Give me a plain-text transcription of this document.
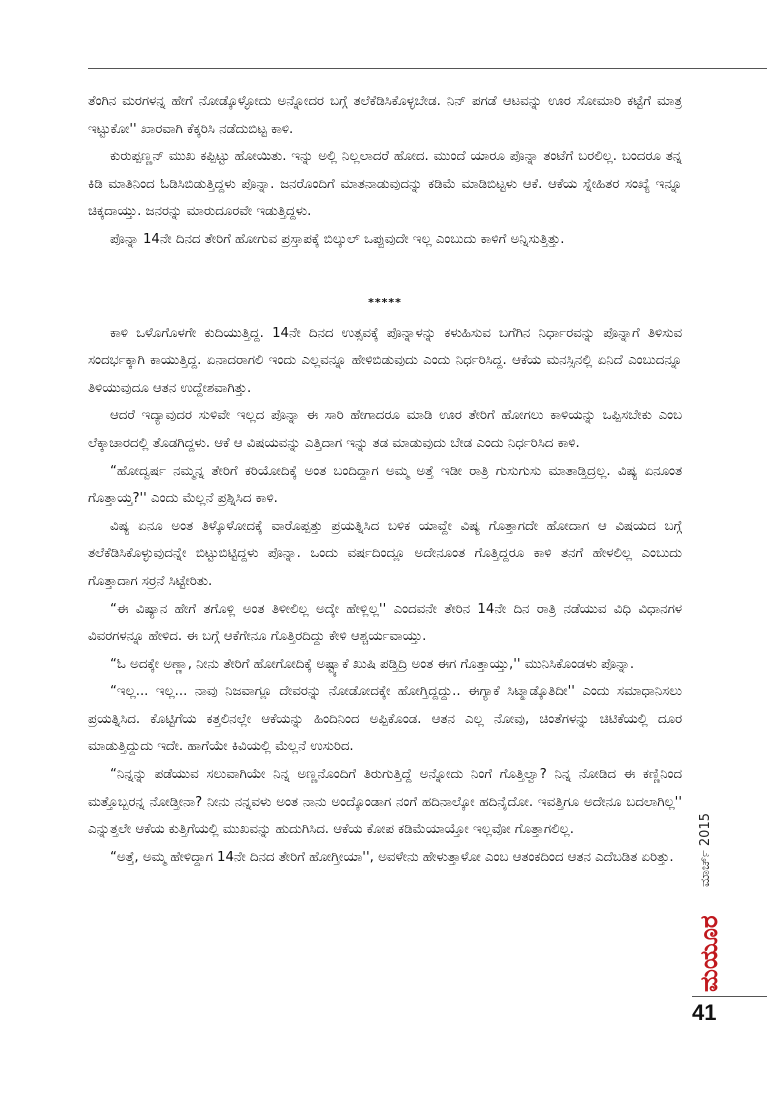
ತೆಂಗಿನ ಮರಗಳನ್ನ ಹೇಗೆ ನೋಡ್ಕೊಳ್ಳೋದು ಅನ್ನೋದರ ಬಗ್ಗೆ ತಲೆಕೆಡಿಸಿಕೊಳ್ಳಬೇಡ. ನಿನ್ ಪಗಡೆ ಆಟವನ್ನು ಊರ ಸೋಮಾರಿ ಕಟ್ಟೆಗೆ ಮಾತ್ರ ಇಟ್ಟುಕೋ'' ಖಾರವಾಗಿ ಕೆಕ್ಕರಿಸಿ ನಡೆದುಬಿಟ್ಟ ಕಾಳಿ.

ಕುರುಪ್ಪಣ್ಣನ್ ಮುಖ ಕಪ್ಪಿಟ್ಟು ಹೋಯಿತು. ಇನ್ನು ಅಲ್ಲಿ ನಿಲ್ಲಲಾದರೆ ಹೋದ. ಮುಂದೆ ಯಾರೂ ಪೊನ್ನಾ ತಂಟೆಗೆ ಬರಲಿಲ್ಲ. ಬಂದರೂ ತನ್ನ ಕಿಡಿ ಮಾತಿನಿಂದ ಓಡಿಸಿಬಿಡುತ್ತಿದ್ದಳು ಪೊನ್ನಾ. ಜನರೊಂದಿಗೆ ಮಾತನಾಡುವುದನ್ನು ಕಡಿಮೆ ಮಾಡಿಬಿಟ್ಟಳು ಆಕೆ. ಆಕೆಯ ಸ್ನೇಹಿತರ ಸಂಖ್ಯೆ ಇನ್ನೂ ಚಿಕ್ಕದಾಯ್ತು. ಜನರನ್ನು ಮಾರುದೂರವೇ ಇಡುತ್ತಿದ್ದಳು.

ಪೊನ್ನಾ 14ನೇ ದಿನದ ತೇರಿಗೆ ಹೋಗುವ ಪ್ರಸ್ತಾಪಕ್ಕೆ ಬಿಲ್ಕುಲ್ ಒಪ್ಪುವುದೇ ಇಲ್ಲ ಎಂಬುದು ಕಾಳಿಗೆ ಅನ್ನಿಸುತ್ತಿತ್ತು.

*****

ಕಾಳಿ ಒಳೊಗೊಳಗೇ ಕುದಿಯುತ್ತಿದ್ದ. 14ನೇ ದಿನದ ಉತ್ಸವಕ್ಕೆ ಪೊನ್ನಾಳನ್ನು ಕಳುಹಿಸುವ ಬಗೆಗಿನ ನಿರ್ಧಾರವನ್ನು ಪೊನ್ನಾಗೆ ತಿಳಿಸುವ ಸಂದರ್ಭಕ್ಕಾಗಿ ಕಾಯುತ್ತಿದ್ದ. ಏನಾದರಾಗಲಿ ಇಂದು ಎಲ್ಲವನ್ನೂ ಹೇಳಿಬಿಡುವುದು ಎಂದು ನಿರ್ಧರಿಸಿದ್ದ. ಆಕೆಯ ಮನಸ್ಸಿನಲ್ಲಿ ಏನಿದೆ ಎಂಬುದನ್ನೂ ತಿಳಿಯುವುದೂ ಆತನ ಉದ್ದೇಶವಾಗಿತ್ತು.

ಆದರೆ ಇದ್ಯಾವುದರ ಸುಳಿವೇ ಇಲ್ಲದ ಪೊನ್ನಾ ಈ ಸಾರಿ ಹೇಗಾದರೂ ಮಾಡಿ ಊರ ತೇರಿಗೆ ಹೋಗಲು ಕಾಳಿಯನ್ನು ಒಪ್ಪಿಸಬೇಕು ಎಂಬ ಲೆಕ್ಕಾಚಾರದಲ್ಲಿ ತೊಡಗಿದ್ದಳು. ಆಕೆ ಆ ವಿಷಯವನ್ನು ಎತ್ತಿದಾಗ ಇನ್ನು ತಡ ಮಾಡುವುದು ಬೇಡ ಎಂದು ನಿರ್ಧರಿಸಿದ ಕಾಳಿ.

“ಹೋದ್ವರ್ಷ ನಮ್ಮನ್ನ ತೇರಿಗೆ ಕರಿಯೋದಿಕ್ಕೆ ಅಂತ ಬಂದಿದ್ದಾಗ ಅಮ್ಮ ಅತ್ತೆ ಇಡೀ ರಾತ್ರಿ ಗುಸುಗುಸು ಮಾತಾಡ್ತಿದ್ರಲ್ಲ. ವಿಷ್ಯ ಏನೂಂತ ಗೊತ್ತಾಯ್ತ?'' ಎಂದು ಮೆಲ್ಲನೆ ಪ್ರಶ್ನಿಸಿದ ಕಾಳಿ.

ವಿಷ್ಯ ಏನೂ ಅಂತ ತಿಳ್ಕೊಳೋದಕ್ಕೆ ವಾರೊಪ್ಪತ್ತು ಪ್ರಯತ್ನಿಸಿದ ಬಳಿಕ ಯಾವ್ದೇ ವಿಷ್ಯ ಗೊತ್ತಾಗದೇ ಹೋದಾಗ ಆ ವಿಷಯದ ಬಗ್ಗೆ ತಲೆಕೆಡಿಸಿಕೊಳ್ಳುವುದನ್ನೇ ಬಿಟ್ಟುಬಿಟ್ಟಿದ್ದಳು ಪೊನ್ನಾ. ಒಂದು ವರ್ಷದಿಂದ್ಲೂ ಅದೇನೂಂತ ಗೊತ್ತಿದ್ದರೂ ಕಾಳಿ ತನಗೆ ಹೇಳಲಿಲ್ಲ ಎಂಬುದು ಗೊತ್ತಾದಾಗ ಸರ್ರನೆ ಸಿಟ್ಟೇರಿತು.

“ಈ ವಿಷ್ಯಾನ ಹೇಗೆ ತಗೊಳ್ಲಿ ಅಂತ ತಿಳೀಲಿಲ್ಲ ಅದ್ಕೇ ಹೇಳ್ಲಿಲ್ಲ'' ಎಂದವನೇ ತೇರಿನ 14ನೇ ದಿನ ರಾತ್ರಿ ನಡೆಯುವ ವಿಧಿ ವಿಧಾನಗಳ ವಿವರಗಳನ್ನೂ ಹೇಳಿದ. ಈ ಬಗ್ಗೆ ಆಕೆಗೇನೂ ಗೊತ್ತಿರದಿದ್ದು ಕೇಳಿ ಆಶ್ಚರ್ಯವಾಯ್ತು.

“ಓ ಅದಕ್ಕೇ ಅಣ್ಣಾ, ನೀನು ತೇರಿಗೆ ಹೋಗೋದಿಕ್ಕೆ ಅಷ್ಟ್ಯಾಕೆ ಖುಷಿ ಪಡ್ತಿದ್ರಿ ಅಂತ ಈಗ ಗೊತ್ತಾಯ್ತು,'' ಮುನಿಸಿಕೊಂಡಳು ಪೊನ್ನಾ.

“ಇಲ್ಲ... ಇಲ್ಲ... ನಾವು ನಿಜವಾಗ್ಲೂ ದೇವರನ್ನು ನೋಡೋದಕ್ಕೇ ಹೋಗ್ತಿದ್ದದ್ದು.. ಈಗ್ಯಾಕೆ ಸಿಟ್ಮಾಡ್ಕೊತಿದೀ'' ಎಂದು ಸಮಾಧಾನಿಸಲು ಪ್ರಯತ್ನಿಸಿದ. ಕೊಟ್ಟಿಗೆಯ ಕತ್ತಲಿನಲ್ಲೇ ಆಕೆಯನ್ನು ಹಿಂದಿನಿಂದ ಅಪ್ಪಿಕೊಂಡ. ಆತನ ಎಲ್ಲ ನೋವು, ಚಿಂತೆಗಳನ್ನು ಚಿಟಿಕೆಯಲ್ಲಿ ದೂರ ಮಾಡುತ್ತಿದ್ದುದು ಇದೇ. ಹಾಗೆಯೇ ಕಿವಿಯಲ್ಲಿ ಮೆಲ್ಲನೆ ಉಸುರಿದ.

“ನಿನ್ನನ್ನು ಪಡೆಯುವ ಸಲುವಾಗಿಯೇ ನಿನ್ನ ಅಣ್ಣನೊಂದಿಗೆ ತಿರುಗುತ್ತಿದ್ದೆ ಅನ್ನೋದು ನಿಂಗೆ ಗೊತ್ತಿಲ್ವಾ? ನಿನ್ನ ನೋಡಿದ ಈ ಕಣ್ಣಿನಿಂದ ಮತ್ತೊಬ್ಬರನ್ನ ನೋಡ್ತೀನಾ? ನೀನು ನನ್ನವಳು ಅಂತ ನಾನು ಅಂದ್ಕೊಂಡಾಗ ನಂಗೆ ಹದಿನಾಲ್ಕೋ ಹದಿನೈದೋ. ಇವತ್ತಿಗೂ ಅದೇನೂ ಬದಲಾಗಿಲ್ಲ'' ಎನ್ನುತ್ತಲೇ ಆಕೆಯ ಕುತ್ತಿಗೆಯಲ್ಲಿ ಮುಖವನ್ನು ಹುದುಗಿಸಿದ. ಆಕೆಯ ಕೋಪ ಕಡಿಮೆಯಾಯ್ತೋ ಇಲ್ಲವೋ ಗೊತ್ತಾಗಲಿಲ್ಲ.

“ಅತ್ತೆ, ಅಮ್ಮ ಹೇಳಿದ್ದಾಗ 14ನೇ ದಿನದ ತೇರಿಗೆ ಹೋಗ್ತೀಯಾ'', ಅವಳೇನು ಹೇಳುತ್ತಾಳೋ ಎಂಬ ಆತಂಕದಿಂದ ಆತನ ಎದೆಬಡಿತ ಏರಿತ್ತು.	ಮಾರ್ಚ್ 2015
ಮಯೂರ
41
